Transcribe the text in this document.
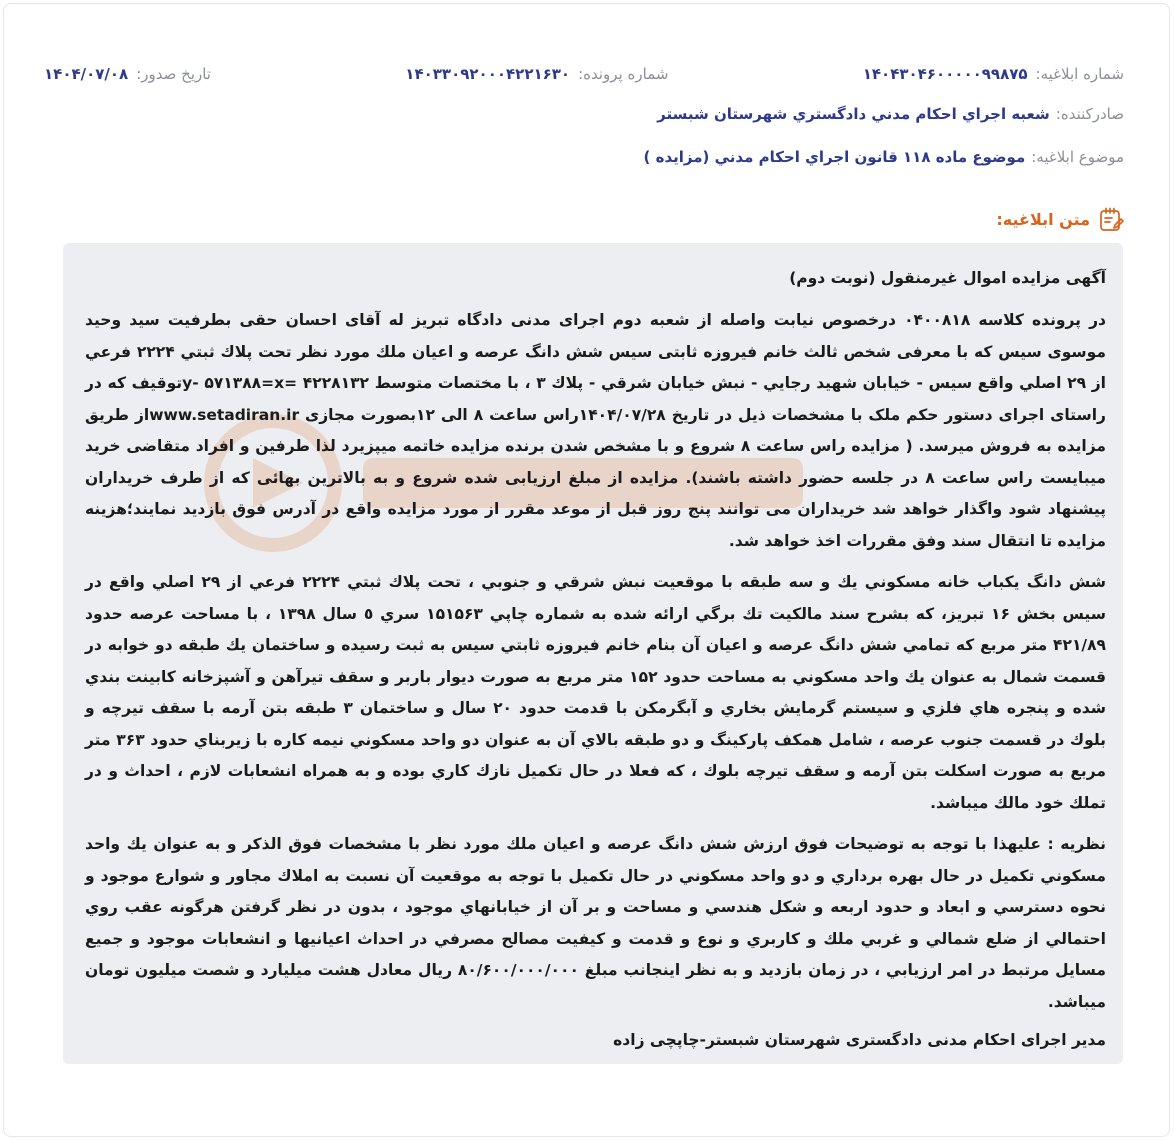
شماره ابلاغیه:
۱۴۰۴۳۰۴۶۰۰۰۰۰۹۹۸۷۵
شماره پرونده:
۱۴۰۳۳۰۹۲۰۰۰۴۲۲۱۶۳۰
تاریخ صدور:
۱۴۰۴/۰۷/۰۸
صادرکننده:
شعبه اجراي احكام مدني دادگستري شهرستان شبستر
موضوع ابلاغیه:
موضوع ماده ۱۱۸ قانون اجراي احكام مدني (مزايده )
متن ابلاغیه:
آگهی مزایده اموال غیرمنقول (نوبت دوم)

در پرونده کلاسه ۰۴۰۰۸۱۸ درخصوص نیابت واصله از شعبه دوم اجرای مدنی دادگاه تبریز له آقای احسان حقی بطرفیت سید وحید موسوی سیس که با معرفی شخص ثالث خانم فیروزه ثابتی سیس شش دانگ عرصه و اعیان ملك مورد نظر تحت پلاك ثبتي ۲۲۲۴ فرعي از ۲۹ اصلي واقع سيس - خيابان شهيد رجايي - نبش خيابان شرقي - پلاك ۳ ، با مختصات متوسط ۴۲۲۸۱۳۲ =y- ۵۷۱۳۸۸=xتوقیف که در راستای اجرای دستور حکم ملک با مشخصات ذیل در تاریخ ۱۴۰۴/۰۷/۲۸راس ساعت ۸ الی ۱۲بصورت مجازی www.setadiran.irاز طریق مزایده به فروش میرسد. ( مزایده راس ساعت ۸ شروع و با مشخص شدن برنده مزایده خاتمه میپزیرد لذا طرفین و افراد متقاضی خرید میبایست راس ساعت ۸ در جلسه حضور داشته باشند). مزایده از مبلغ ارزیابی شده شروع و به بالاترین بهائی که از طرف خریداران پیشنهاد شود واگذار خواهد شد خریداران می توانند پنج روز قبل از موعد مقرر از مورد مزایده واقع در آدرس فوق بازدید نمایند؛هزینه مزایده تا انتقال سند وفق مقررات اخذ خواهد شد.

شش دانگ يكباب خانه مسكوني يك و سه طبقه با موقعيت نبش شرقي و جنوبي ، تحت پلاك ثبتي ۲۲۲۴ فرعي از ۲۹ اصلي واقع در سيس بخش ۱۶ تبريز، كه بشرح سند مالكيت تك برگي ارائه شده به شماره چاپي ۱۵۱۵۶۳ سري ٥ سال ۱۳۹۸ ، با مساحت عرصه حدود ۴۲۱/۸۹ متر مربع كه تمامي شش دانگ عرصه و اعيان آن بنام خانم فيروزه ثابتي سيس به ثبت رسيده و ساختمان يك طبقه دو خوابه در قسمت شمال به عنوان يك واحد مسكوني به مساحت حدود ۱۵۲ متر مربع به صورت ديوار باربر و سقف تيرآهن و آشپزخانه كابينت بندي شده و پنجره هاي فلزي و سيستم گرمايش بخاري و آبگرمكن با قدمت حدود ۲۰ سال و ساختمان ۳ طبقه بتن آرمه با سقف تيرچه و بلوك در قسمت جنوب عرصه ، شامل همكف پاركينگ و دو طبقه بالاي آن به عنوان دو واحد مسكوني نيمه كاره با زيربناي حدود ۳۶۳ متر مربع به صورت اسكلت بتن آرمه و سقف تيرچه بلوك ، كه فعلا در حال تكميل نازك كاري بوده و به همراه انشعابات لازم ، احداث و در تملك خود مالك ميباشد.

نظريه : عليهذا با توجه به توضيحات فوق ارزش شش دانگ عرصه و اعيان ملك مورد نظر با مشخصات فوق الذكر و به عنوان يك واحد مسكوني تكميل در حال بهره برداري و دو واحد مسكوني در حال تكميل با توجه به موقعيت آن نسبت به املاك مجاور و شوارع موجود و نحوه دسترسي و ابعاد و حدود اربعه و شكل هندسي و مساحت و بر آن از خيابانهاي موجود ، بدون در نظر گرفتن هرگونه عقب روي احتمالي از ضلع شمالي و غربي ملك و كاربري و نوع و قدمت و كيفيت مصالح مصرفي در احداث اعيانيها و انشعابات موجود و جميع مسايل مرتبط در امر ارزيابي ، در زمان بازديد و به نظر اينجانب مبلغ ۸۰/۶۰۰/۰۰۰/۰۰۰ ريال معادل هشت ميليارد و شصت ميليون تومان ميباشد.

مدیر اجرای احکام مدنی دادگستری شهرستان شبستر-چاپچی زاده
